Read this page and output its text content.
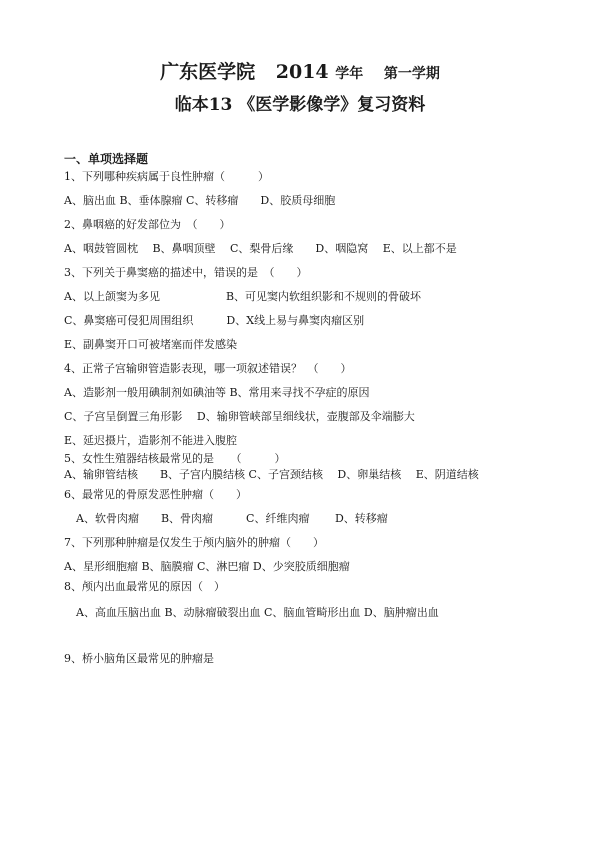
广东医学院 2014 学年 第一学期
临本13 《医学影像学》复习资料
一、单项选择题
1、下列哪种疾病属于良性肿瘤（　　　）
A、脑出血 B、垂体腺瘤 C、转移瘤　　D、胶质母细胞
2、鼻咽癌的好发部位为　（　　）
A、咽鼓管圆枕　 B、鼻咽顶壁　 C、梨骨后缘　　D、咽隐窝　 E、以上都不是
3、下列关于鼻窦癌的描述中，错误的是　（　　）
A、以上颌窦为多见　　　　　　B、可见窦内软组织影和不规则的骨破坏
C、鼻窦癌可侵犯周围组织　　　D、X线上易与鼻窦肉瘤区别
E、副鼻窦开口可被堵塞而伴发感染
4、正常子宫输卵管造影表现，哪一项叙述错误？　（　　）
A、造影剂一般用碘制剂如碘油等 B、常用来寻找不孕症的原因
C、子宫呈倒置三角形影　 D、输卵管峡部呈细线状，壶腹部及伞端膨大
E、延迟摄片，造影剂不能进入腹腔
5、女性生殖器结核最常见的是　　（　　　）
A、输卵管结核　　B、子宫内膜结核 C、子宫颈结核　 D、卵巢结核　 E、阴道结核
6、最常见的骨原发恶性肿瘤（　　）
A、软骨肉瘤　　B、骨肉瘤　　　C、纤维肉瘤　　 D、转移瘤
7、下列那种肿瘤是仅发生于颅内脑外的肿瘤（　　）
A、星形细胞瘤 B、脑膜瘤 C、淋巴瘤 D、少突胶质细胞瘤
8、颅内出血最常见的原因（　）
A、高血压脑出血 B、动脉瘤破裂出血 C、脑血管畸形出血 D、脑肿瘤出血
9、桥小脑角区最常见的肿瘤是
